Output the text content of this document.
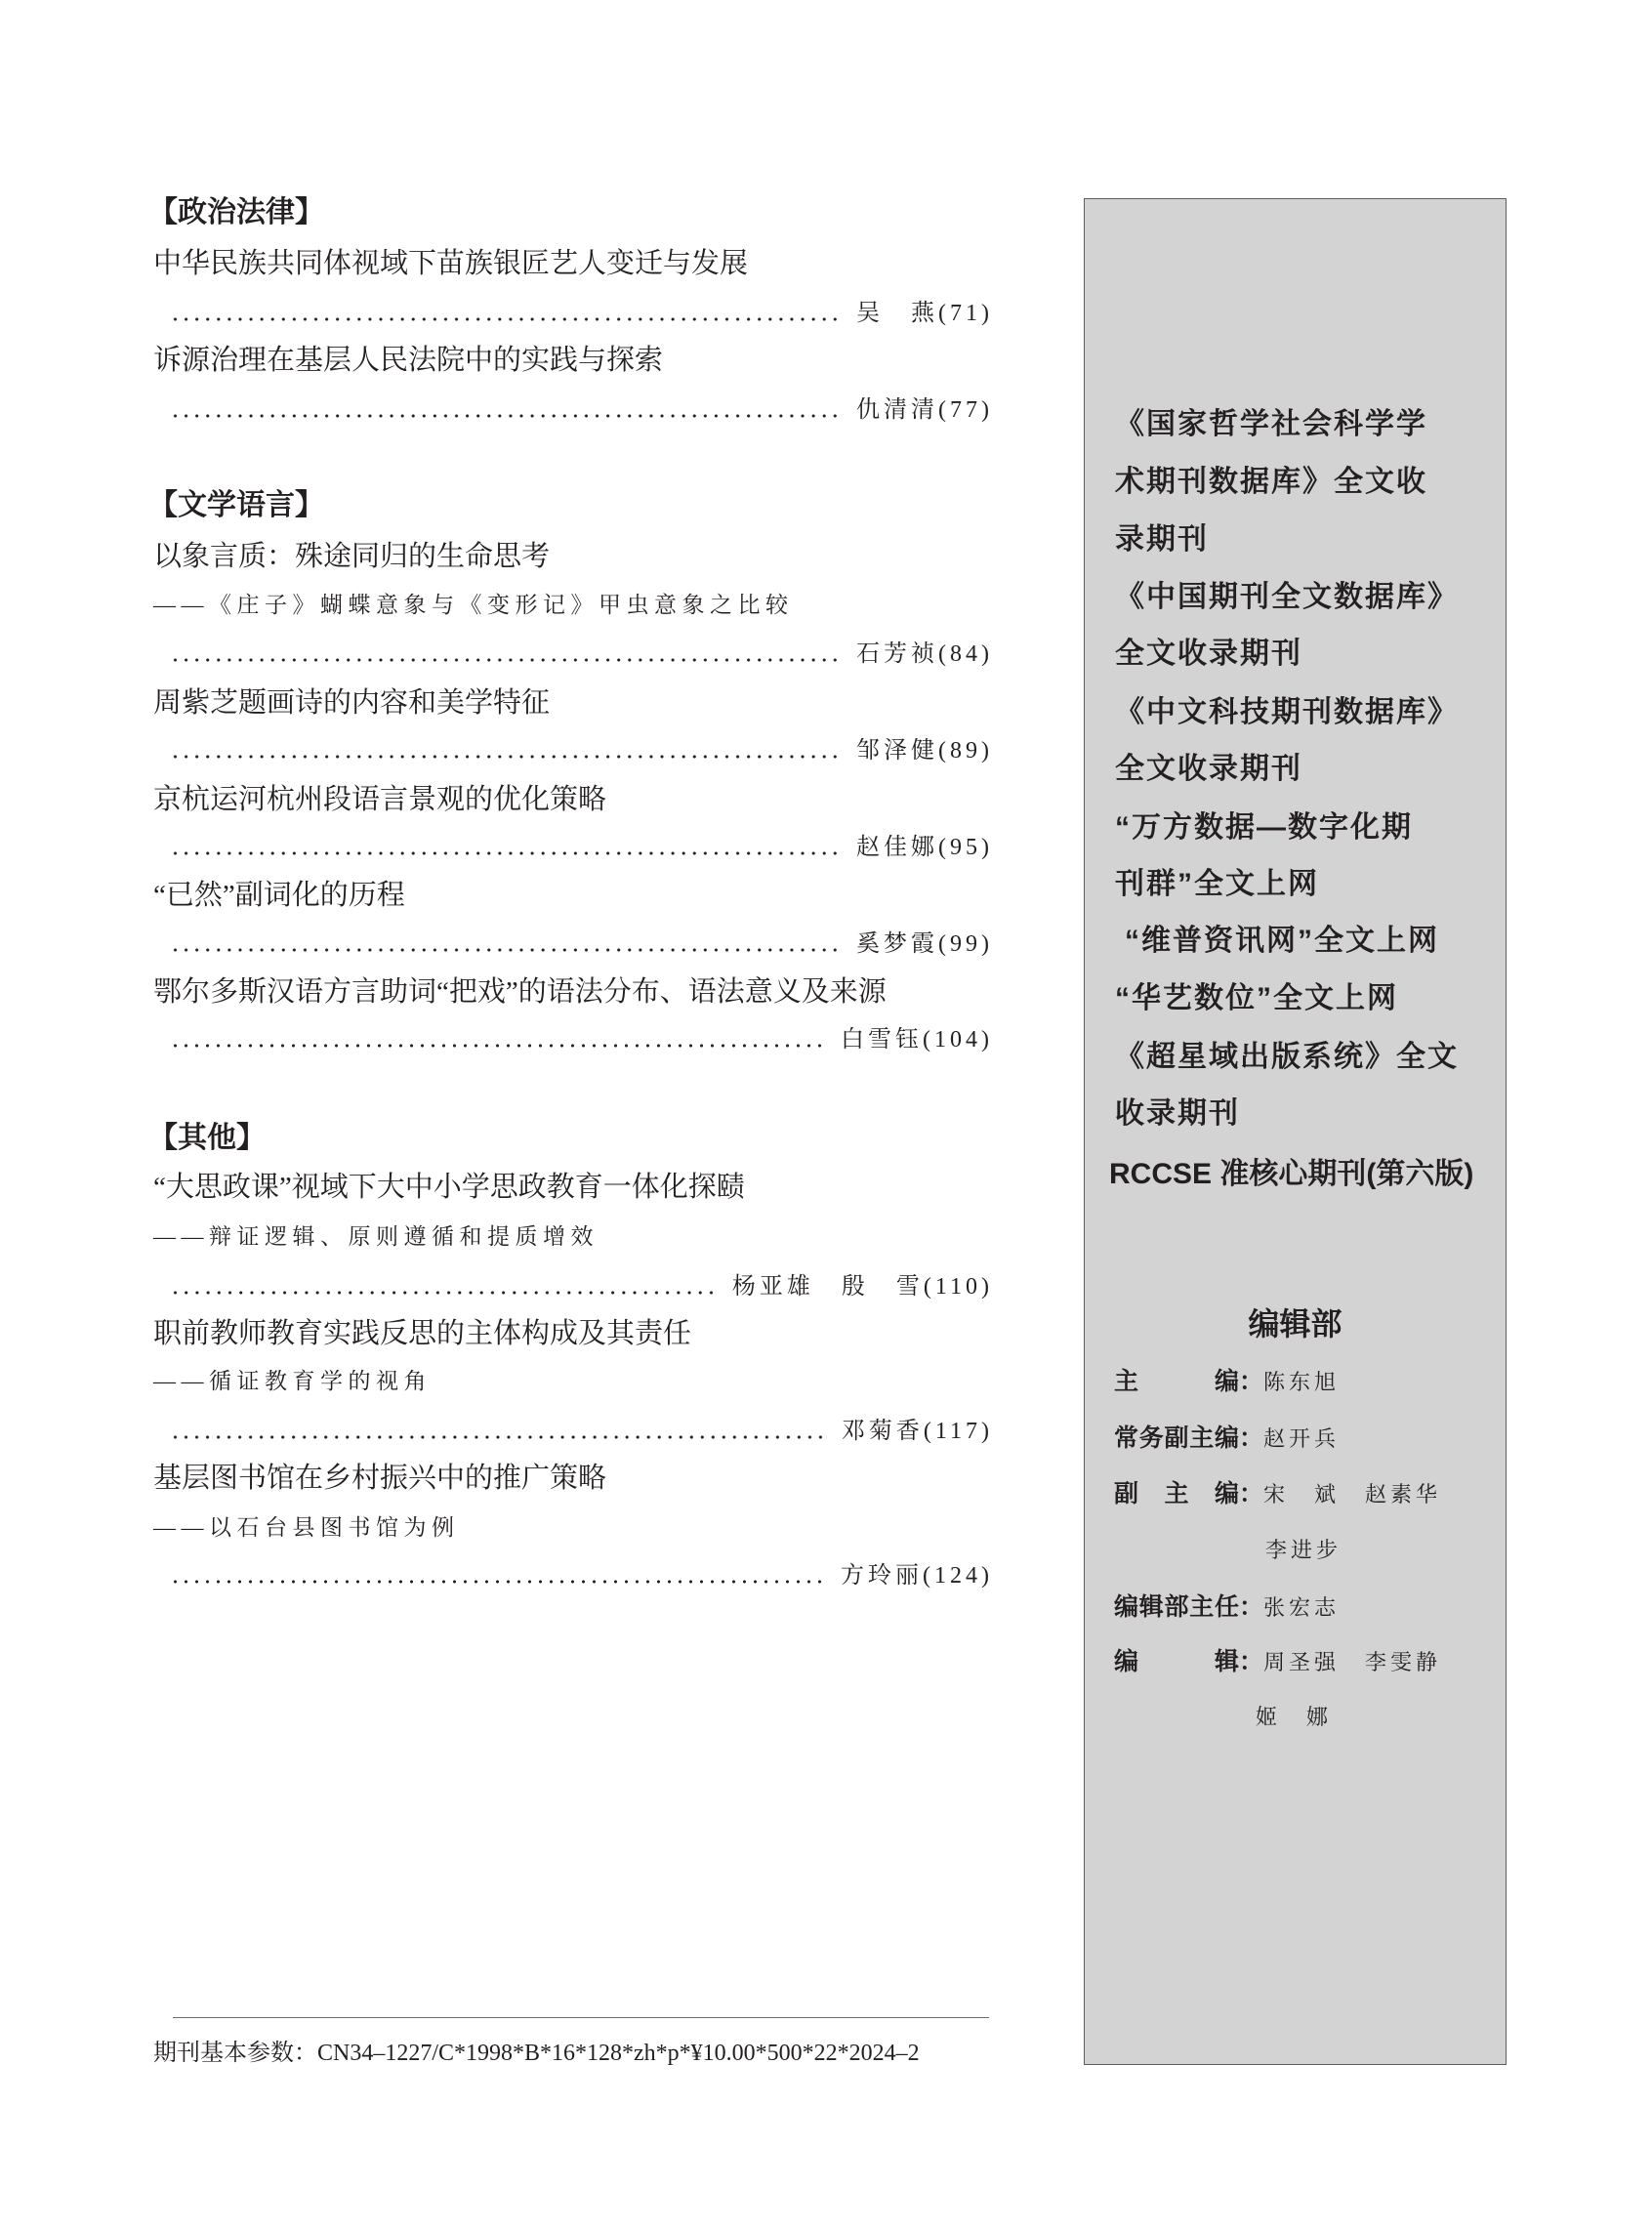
【政治法律】
中华民族共同体视域下苗族银匠艺人变迁与发展
吴　燕 (71)
诉源治理在基层人民法院中的实践与探索
仇清清 (77)
【文学语言】
以象言质：殊途同归的生命思考
——《庄子》蝴蝶意象与《变形记》甲虫意象之比较
石芳祯 (84)
周紫芝题画诗的内容和美学特征
邹泽健 (89)
京杭运河杭州段语言景观的优化策略
赵佳娜 (95)
“已然”副词化的历程
奚梦霞 (99)
鄂尔多斯汉语方言助词“把戏”的语法分布、语法意义及来源
白雪钰 (104)
【其他】
“大思政课”视域下大中小学思政教育一体化探赜
——辩证逻辑、原则遵循和提质增效
杨亚雄　殷　雪 (110)
职前教师教育实践反思的主体构成及其责任
——循证教育学的视角
邓菊香 (117)
基层图书馆在乡村振兴中的推广策略
——以石台县图书馆为例
方玲丽 (124)
期刊基本参数：CN34–1227/C*1998*B*16*128*zh*p*¥10.00*500*22*2024–2
《国家哲学社会科学学
术期刊数据库》全文收
录期刊
《中国期刊全文数据库》
全文收录期刊
《中文科技期刊数据库》
全文收录期刊
“万方数据—数字化期
刊群”全文上网
“维普资讯网”全文上网
“华艺数位”全文上网
《超星域出版系统》全文
收录期刊
RCCSE 准核心期刊(第六版)
编辑部
主编 ： 陈东旭
常务副主编 ： 赵开兵
副主编 ： 宋　斌　赵素华
李进步
编辑部主任 ： 张宏志
编辑 ： 周圣强　李雯静
姬　娜
